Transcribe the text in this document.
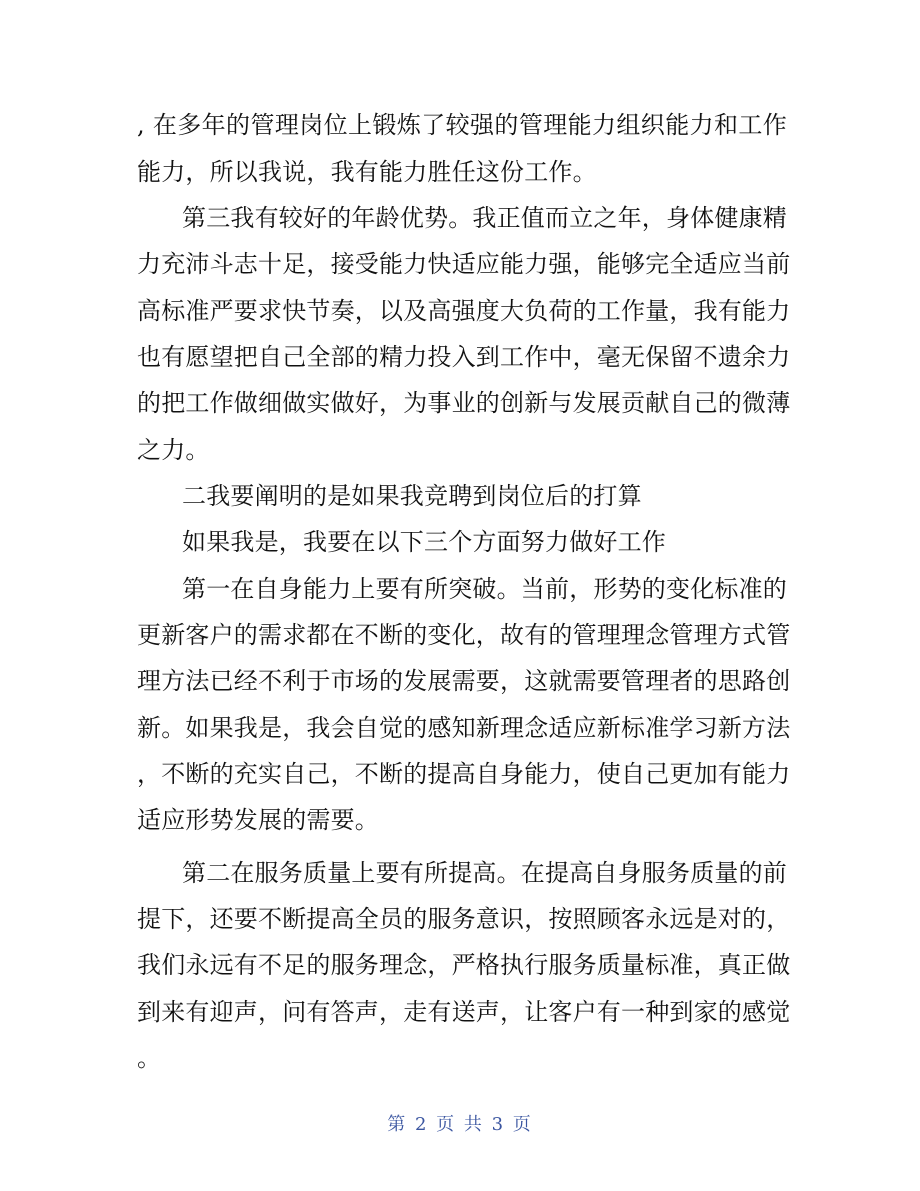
, 在多年的管理岗位上锻炼了较强的管理能力组织能力和工作
能力，所以我说，我有能力胜任这份工作。
第三我有较好的年龄优势。我正值而立之年，身体健康精
力充沛斗志十足，接受能力快适应能力强，能够完全适应当前
高标准严要求快节奏，以及高强度大负荷的工作量，我有能力
也有愿望把自己全部的精力投入到工作中，毫无保留不遗余力
的把工作做细做实做好，为事业的创新与发展贡献自己的微薄
之力。
二我要阐明的是如果我竞聘到岗位后的打算
如果我是，我要在以下三个方面努力做好工作
第一在自身能力上要有所突破。当前，形势的变化标准的
更新客户的需求都在不断的变化，故有的管理理念管理方式管
理方法已经不利于市场的发展需要，这就需要管理者的思路创
新。如果我是，我会自觉的感知新理念适应新标准学习新方法
，不断的充实自己，不断的提高自身能力，使自己更加有能力
适应形势发展的需要。
第二在服务质量上要有所提高。在提高自身服务质量的前
提下，还要不断提高全员的服务意识，按照顾客永远是对的，
我们永远有不足的服务理念，严格执行服务质量标准，真正做
到来有迎声，问有答声，走有送声，让客户有一种到家的感觉
。
第 2 页 共 3 页
